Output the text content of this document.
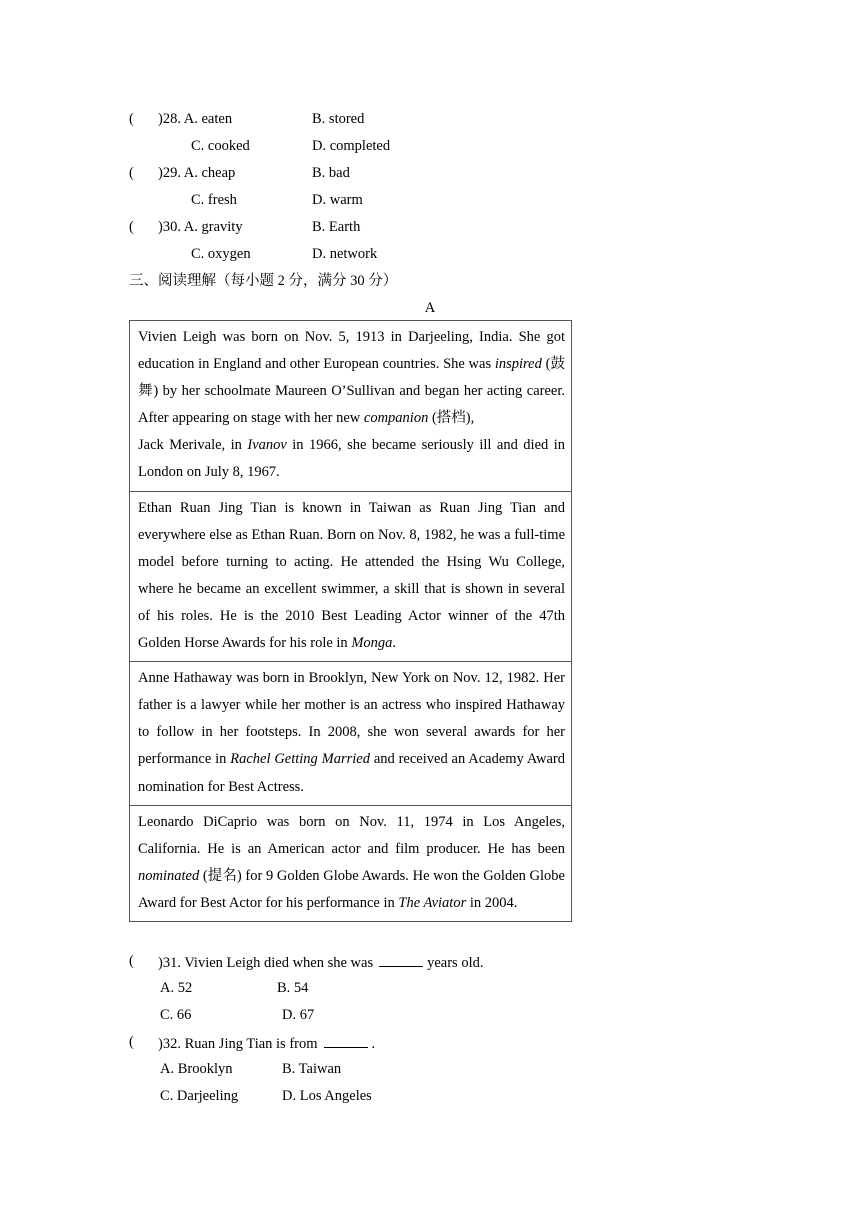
( )28. A. eaten	B. stored
C. cooked	D. completed
( )29. A. cheap	B. bad
C. fresh	D. warm
( )30. A. gravity	B. Earth
C. oxygen	D. network
三、阅读理解（每小题 2 分，满分 30 分）
A
Vivien Leigh was born on Nov. 5, 1913 in Darjeeling, India. She got education in England and other European countries. She was inspired (鼓舞) by her schoolmate Maureen O’Sullivan and began her acting career. After appearing on stage with her new companion (搭档),
Jack Merivale, in Ivanov in 1966, she became seriously ill and died in London on July 8, 1967.
Ethan Ruan Jing Tian is known in Taiwan as Ruan Jing Tian and everywhere else as Ethan Ruan. Born on Nov. 8, 1982, he was a full-time model before turning to acting. He attended the Hsing Wu College, where he became an excellent swimmer, a skill that is shown in several of his roles. He is the 2010 Best Leading Actor winner of the 47th Golden Horse Awards for his role in Monga.
Anne Hathaway was born in Brooklyn, New York on Nov. 12, 1982. Her father is a lawyer while her mother is an actress who inspired Hathaway to follow in her footsteps. In 2008, she won several awards for her performance in Rachel Getting Married and received an Academy Award nomination for Best Actress.
Leonardo DiCaprio was born on Nov. 11, 1974 in Los Angeles, California. He is an American actor and film producer. He has been nominated (提名) for 9 Golden Globe Awards. He won the Golden Globe Award for Best Actor for his performance in The Aviator in 2004.
( )31. Vivien Leigh died when she was	years old.
A. 52	B. 54
C. 66	D. 67
( )32. Ruan Jing Tian is from	.
A. Brooklyn	B. Taiwan
C. Darjeeling	D. Los Angeles
